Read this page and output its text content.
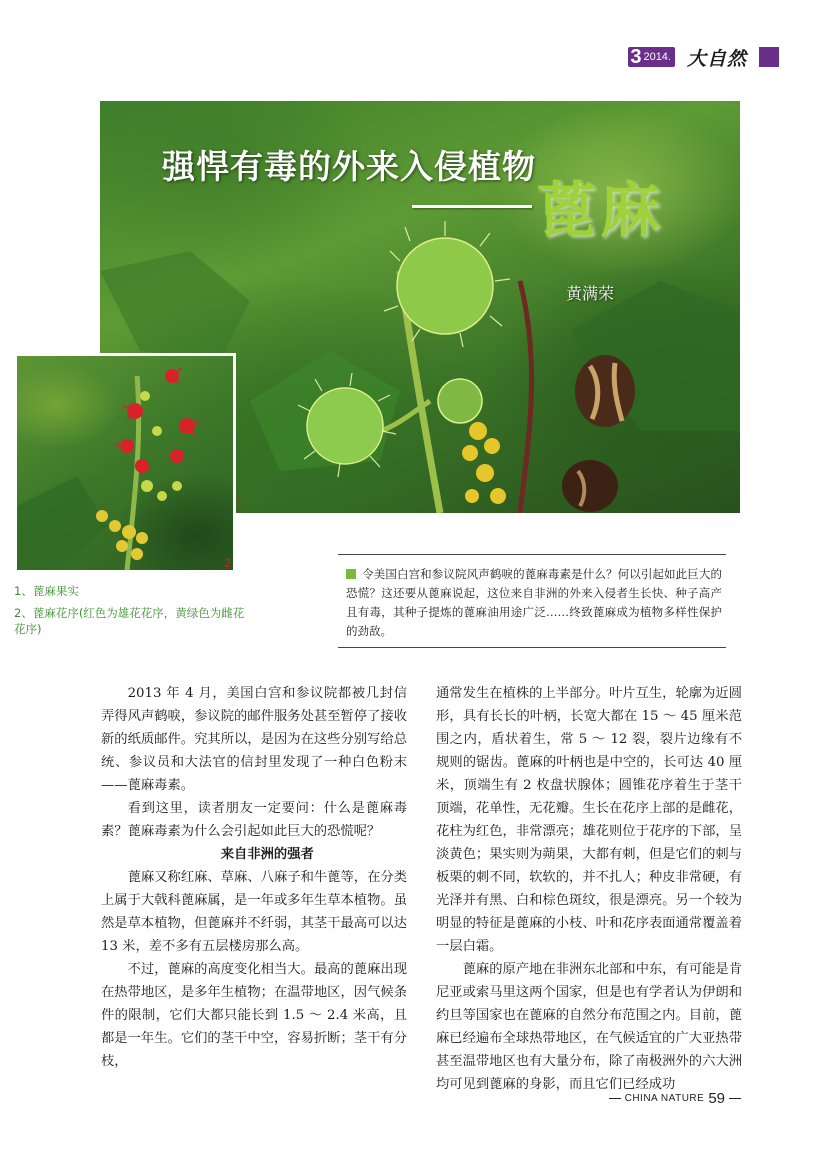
3 2014. 大自然
强悍有毒的外来入侵植物
蓖麻
黄满荣
1
2

1、蓖麻果实

2、蓖麻花序(红色为雄花花序，黄绿色为雌花花序)

令美国白宫和参议院风声鹤唳的蓖麻毒素是什么？何以引起如此巨大的恐慌？这还要从蓖麻说起，这位来自非洲的外来入侵者生长快、种子高产且有毒，其种子提炼的蓖麻油用途广泛……终致蓖麻成为植物多样性保护的劲敌。

2013 年 4 月，美国白宫和参议院都被几封信弄得风声鹤唳，参议院的邮件服务处甚至暂停了接收新的纸质邮件。究其所以，是因为在这些分别写给总统、参议员和大法官的信封里发现了一种白色粉末——蓖麻毒素。

看到这里，读者朋友一定要问：什么是蓖麻毒素？蓖麻毒素为什么会引起如此巨大的恐慌呢？

来自非洲的强者

蓖麻又称红麻、草麻、八麻子和牛蓖等，在分类上属于大戟科蓖麻属，是一年或多年生草本植物。虽然是草本植物，但蓖麻并不纤弱，其茎干最高可以达 13 米，差不多有五层楼房那么高。

不过，蓖麻的高度变化相当大。最高的蓖麻出现在热带地区，是多年生植物；在温带地区，因气候条件的限制，它们大都只能长到 1.5 ～ 2.4 米高，且都是一年生。它们的茎干中空，容易折断；茎干有分枝，

通常发生在植株的上半部分。叶片互生，轮廓为近圆形，具有长长的叶柄，长宽大都在 15 ～ 45 厘米范围之内，盾状着生，常 5 ～ 12 裂，裂片边缘有不规则的锯齿。蓖麻的叶柄也是中空的，长可达 40 厘米，顶端生有 2 枚盘状腺体；圆锥花序着生于茎干顶端，花单性，无花瓣。生长在花序上部的是雌花，花柱为红色，非常漂亮；雄花则位于花序的下部，呈淡黄色；果实则为蒴果，大都有刺，但是它们的刺与板栗的刺不同，软软的，并不扎人；种皮非常硬，有光泽并有黑、白和棕色斑纹，很是漂亮。另一个较为明显的特征是蓖麻的小枝、叶和花序表面通常覆盖着一层白霜。

蓖麻的原产地在非洲东北部和中东，有可能是肯尼亚或索马里这两个国家，但是也有学者认为伊朗和约旦等国家也在蓖麻的自然分布范围之内。目前，蓖麻已经遍布全球热带地区，在气候适宜的广大亚热带甚至温带地区也有大量分布，除了南极洲外的六大洲均可见到蓖麻的身影，而且它们已经成功

CHINA NATURE 59
